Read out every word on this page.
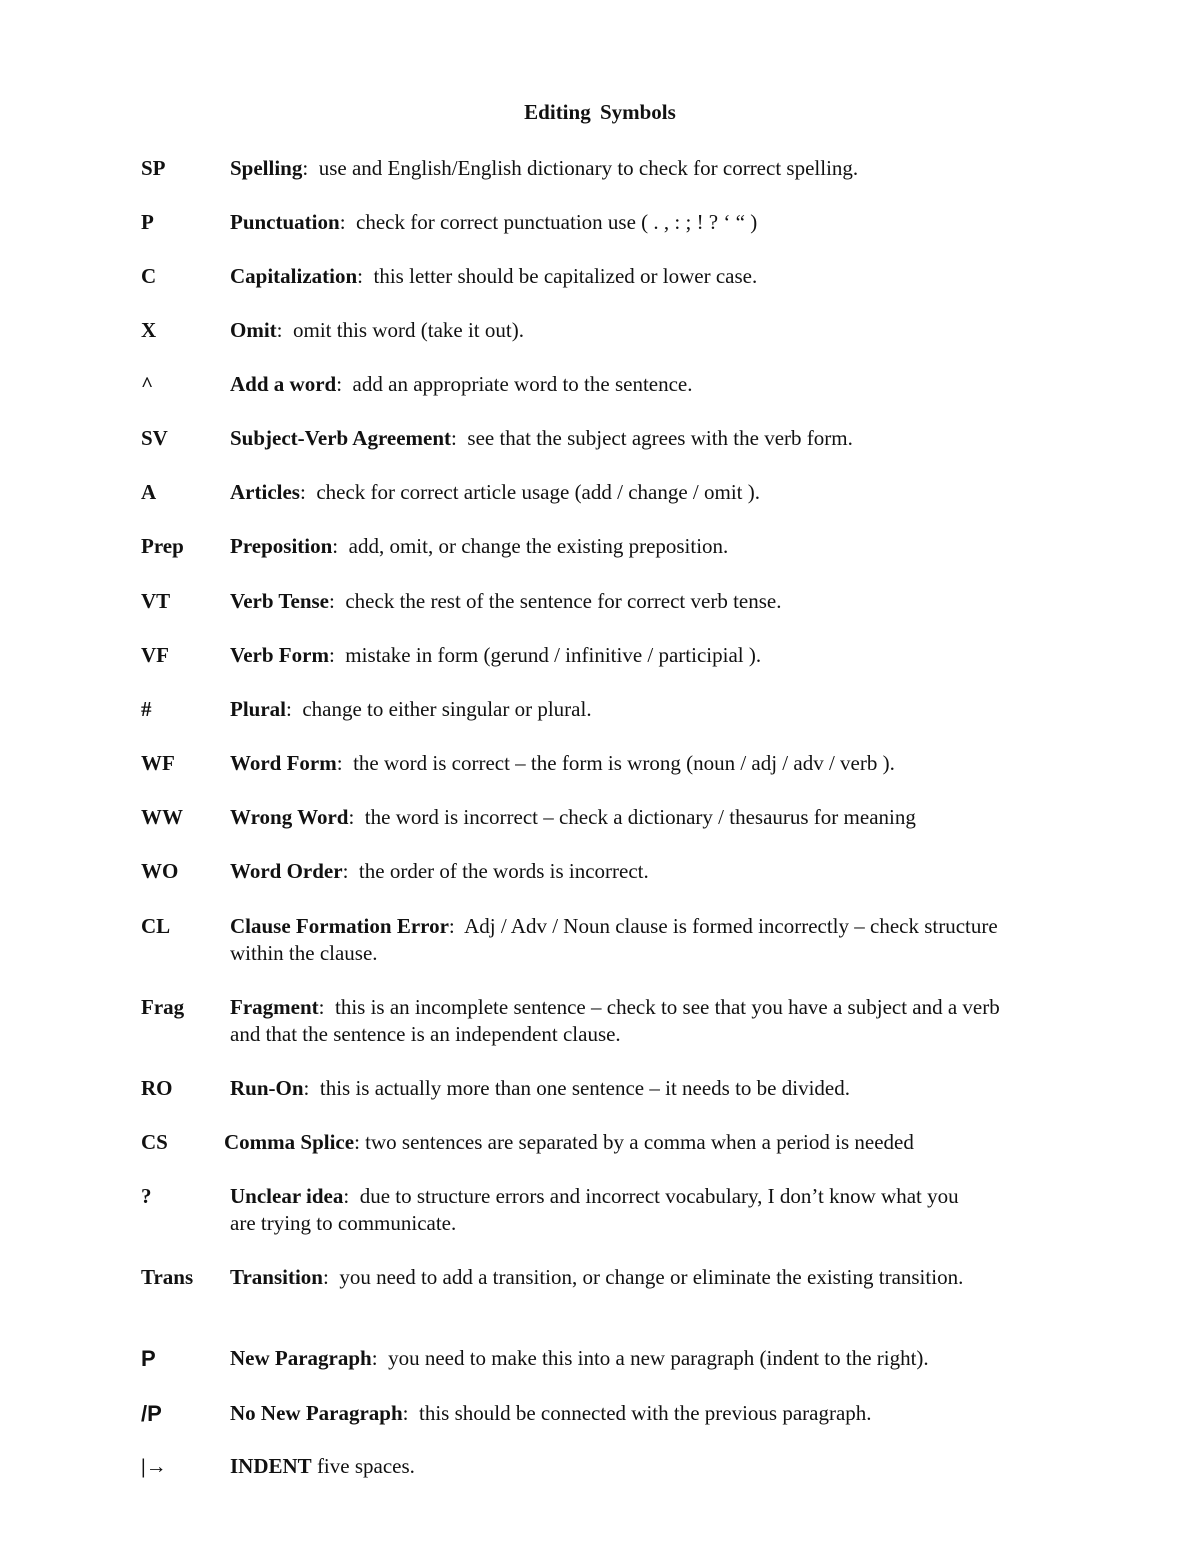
Editing Symbols
SP	Spelling:  use and English/English dictionary to check for correct spelling.
P	Punctuation:  check for correct punctuation use ( . , : ; ! ? ‘ “ )
C	Capitalization:  this letter should be capitalized or lower case.
X	Omit:  omit this word (take it out).
^	Add a word:  add an appropriate word to the sentence.
SV	Subject-Verb Agreement:  see that the subject agrees with the verb form.
A	Articles:  check for correct article usage (add / change / omit ).
Prep Preposition:  add, omit, or change the existing preposition.
VT	Verb Tense:  check the rest of the sentence for correct verb tense.
VF	Verb Form:  mistake in form (gerund / infinitive / participial ).
#	Plural:  change to either singular or plural.
WF	Word Form:  the word is correct – the form is wrong (noun / adj / adv / verb ).
WW Wrong Word:  the word is incorrect – check a dictionary / thesaurus for meaning
WO Word Order:  the order of the words is incorrect.
CL	Clause Formation Error:  Adj / Adv / Noun clause is formed incorrectly – check structure within the clause.
Frag Fragment:  this is an incomplete sentence – check to see that you have a subject and a verb and that the sentence is an independent clause.
RO	Run-On:  this is actually more than one sentence – it needs to be divided.
CS	Comma Splice: two sentences are separated by a comma when a period is needed
?	Unclear idea:  due to structure errors and incorrect vocabulary, I don’t know what you are trying to communicate.
Trans Transition:  you need to add a transition, or change or eliminate the existing transition.
P	New Paragraph:  you need to make this into a new paragraph (indent to the right).
/P	No New Paragraph:  this should be connected with the previous paragraph.
|→	INDENT five spaces.
